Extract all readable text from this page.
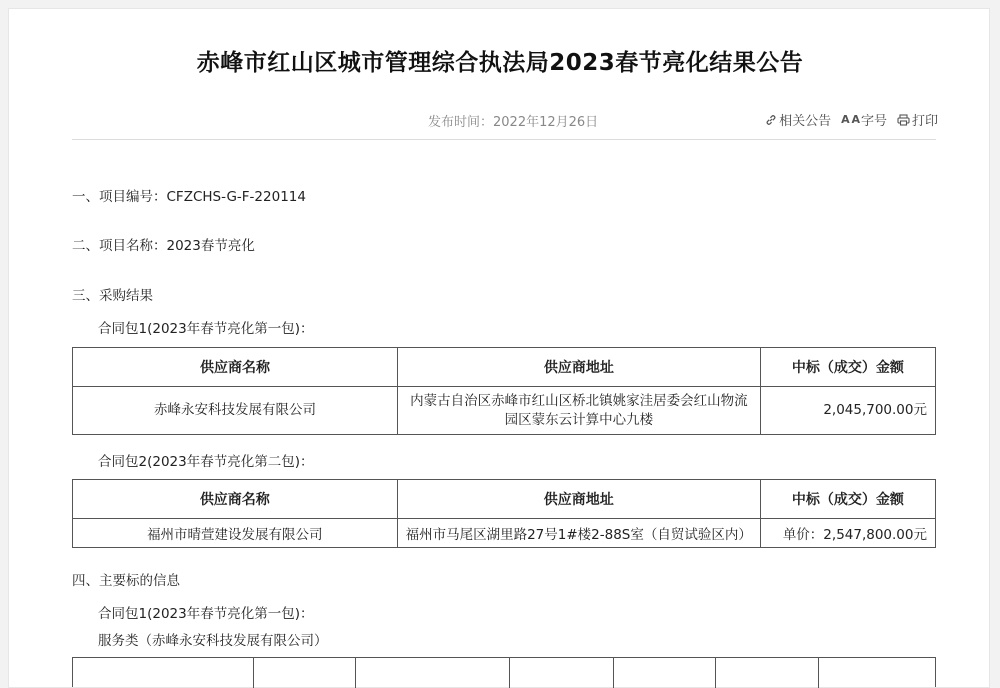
赤峰市红山区城市管理综合执法局2023春节亮化结果公告
发布时间：2022年12月26日	相关公告 A A 字号 打印
一、项目编号：CFZCHS-G-F-220114
二、项目名称：2023春节亮化
三、采购结果
合同包1(2023年春节亮化第一包)：
供应商名称	供应商地址	中标（成交）金额
赤峰永安科技发展有限公司	内蒙古自治区赤峰市红山区桥北镇姚家洼居委会红山物流园区蒙东云计算中心九楼	2,045,700.00元
合同包2(2023年春节亮化第二包)：
供应商名称	供应商地址	中标（成交）金额
福州市晴萱建设发展有限公司	福州市马尾区湖里路27号1#楼2-88S室（自贸试验区内）	单价：2,547,800.00元
四、主要标的信息
合同包1(2023年春节亮化第一包)：
服务类（赤峰永安科技发展有限公司）
